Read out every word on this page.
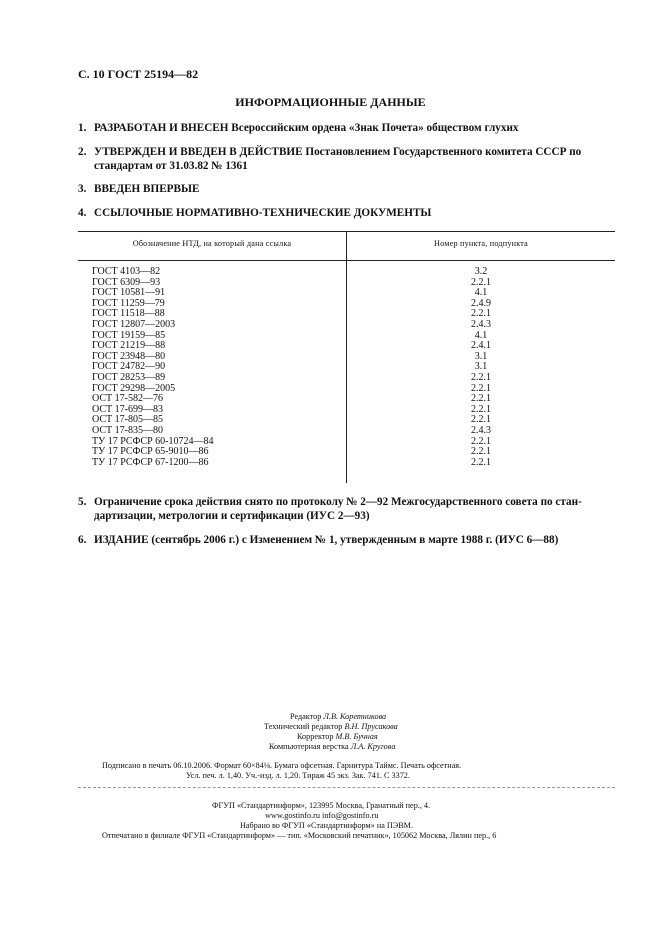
С. 10 ГОСТ 25194—82
ИНФОРМАЦИОННЫЕ ДАННЫЕ
1. РАЗРАБОТАН И ВНЕСЕН Всероссийским ордена «Знак Почета» обществом глухих
2. УТВЕРЖДЕН И ВВЕДЕН В ДЕЙСТВИЕ Постановлением Государственного комитета СССР по стандартам от 31.03.82 № 1361
3. ВВЕДЕН ВПЕРВЫЕ
4. ССЫЛОЧНЫЕ НОРМАТИВНО-ТЕХНИЧЕСКИЕ ДОКУМЕНТЫ
Обозначение НТД, на который дана ссылка	Номер пункта, подпункта
ГОСТ 4103—82	3.2
ГОСТ 6309—93	2.2.1
ГОСТ 10581—91	4.1
ГОСТ 11259—79	2.4.9
ГОСТ 11518—88	2.2.1
ГОСТ 12807—2003	2.4.3
ГОСТ 19159—85	4.1
ГОСТ 21219—88	2.4.1
ГОСТ 23948—80	3.1
ГОСТ 24782—90	3.1
ГОСТ 28253—89	2.2.1
ГОСТ 29298—2005	2.2.1
ОСТ 17-582—76	2.2.1
ОСТ 17-699—83	2.2.1
ОСТ 17-805—85	2.2.1
ОСТ 17-835—80	2.4.3
ТУ 17 РСФСР 60-10724—84	2.2.1
ТУ 17 РСФСР 65-9010—86	2.2.1
ТУ 17 РСФСР 67-1200—86	2.2.1
5. Ограничение срока действия снято по протоколу № 2—92 Межгосударственного совета по стан-дартизации, метрологии и сертификации (ИУС 2—93)
6. ИЗДАНИЕ (сентябрь 2006 г.) с Изменением № 1, утвержденным в марте 1988 г. (ИУС 6—88)
Редактор Л.В. Коретникова
Технический редактор В.Н. Прусакова
Корректор М.В. Бучная
Компьютерная верстка Л.А. Круговa
Подписано в печать 06.10.2006. Формат 60×84⅛. Бумага офсетная. Гарнитура Таймс. Печать офсетная.
Усл. печ. л. 1,40. Уч.-изд. л. 1,20. Тираж 45 экз. Зак. 741. С 3372.
ФГУП «Стандартинформ», 123995 Москва, Гранатный пер., 4.
www.gostinfo.ru info@gostinfo.ru
Набрано во ФГУП «Стандартинформ» на ПЭВМ.
Отпечатано в филиале ФГУП «Стандартинформ» — тип. «Московский печатник», 105062 Москва, Лялин пер., 6
